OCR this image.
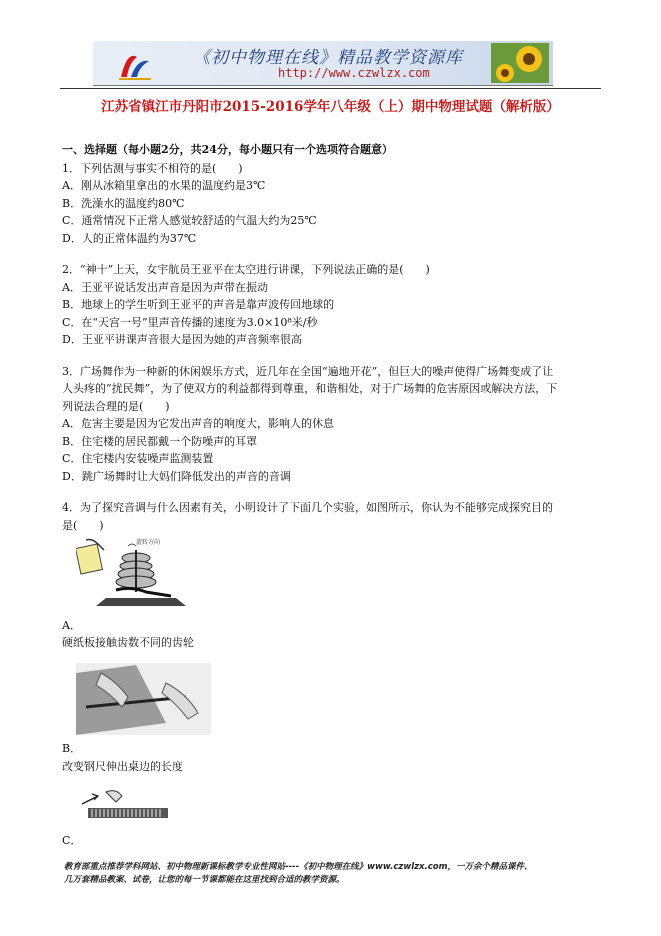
《初中物理在线》精品教学资源库
http://www.czwlzx.com
江苏省镇江市丹阳市2015-2016学年八年级（上）期中物理试题（解析版）
一、选择题（每小题2分，共24分，每小题只有一个选项符合题意）

1．下列估测与事实不相符的是(　　)

A．刚从冰箱里拿出的水果的温度约是3℃

B．洗澡水的温度约80℃

C．通常情况下正常人感觉较舒适的气温大约为25℃

D．人的正常体温约为37℃

2．“神十”上天，女宇航员王亚平在太空进行讲课，下列说法正确的是(　　)

A．王亚平说话发出声音是因为声带在振动

B．地球上的学生听到王亚平的声音是靠声波传回地球的

C．在“天宫一号”里声音传播的速度为3.0×10⁸米/秒

D．王亚平讲课声音很大是因为她的声音频率很高

3．广场舞作为一种新的休闲娱乐方式，近几年在全国“遍地开花”，但巨大的噪声使得广场舞变成了让

人头疼的“扰民舞”，为了使双方的利益都得到尊重，和谐相处，对于广场舞的危害原因或解决方法，下

列说法合理的是(　　)

A．危害主要是因为它发出声音的响度大，影响人的休息

B．住宅楼的居民都戴一个防噪声的耳罩

C．住宅楼内安装噪声监测装置

D．跳广场舞时让大妈们降低发出的声音的音调

4．为了探究音调与什么因素有关，小明设计了下面几个实验，如图所示，你认为不能够完成探究目的

是(　　)

旋转方向

A．

硬纸板接触齿数不同的齿轮

B．

改变钢尺伸出桌边的长度

C．

教育部重点推荐学科网站、初中物理新课标教学专业性网站----《初中物理在线》www.czwlzx.com，一万余个精品课件、
几万套精品教案、试卷，让您的每一节课都能在这里找到合适的教学资源。
